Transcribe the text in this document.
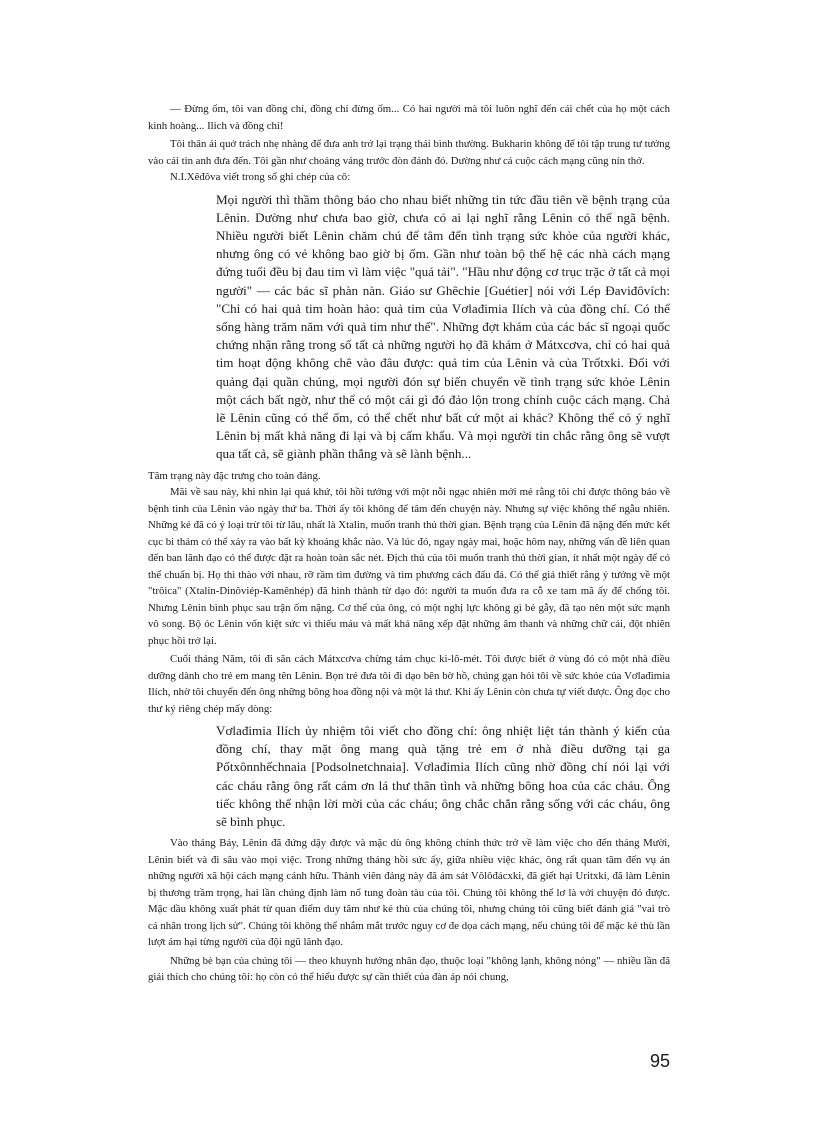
— Đừng ốm, tôi van đồng chí, đồng chí đừng ốm... Có hai người mà tôi luôn nghĩ đến cái chết của họ một cách kinh hoàng... Ilích và đồng chí!

Tôi thân ái quở trách nhẹ nhàng để đưa anh trở lại trạng thái bình thường. Bukharin không để tôi tập trung tư tưởng vào cái tin anh đưa đến. Tôi gần như choáng váng trước đòn đánh đó. Dường như cả cuộc cách mạng cũng nín thở.

N.I.Xêđôva viết trong sổ ghi chép của cô:

Mọi người thì thầm thông báo cho nhau biết những tin tức đầu tiên về bệnh trạng của Lênin. Dường như chưa bao giờ, chưa có ai lại nghĩ rằng Lênin có thể ngã bệnh. Nhiều người biết Lênin chăm chú để tâm đến tình trạng sức khỏe của người khác, nhưng ông có vẻ không bao giờ bị ốm. Gần như toàn bộ thế hệ các nhà cách mạng đứng tuổi đều bị đau tim vì làm việc "quá tải". "Hầu như động cơ trục trặc ở tất cả mọi người" — các bác sĩ phàn nàn. Giáo sư Ghêchie [Guétier] nói với Lép Đaviđôvích: "Chỉ có hai quả tim hoàn hảo: quả tim của Vơlađimia Ilích và của đồng chí. Có thể sống hàng trăm năm với quả tim như thế". Những đợt khám của các bác sĩ ngoại quốc chứng nhận rằng trong số tất cả những người họ đã khám ở Mátxcơva, chỉ có hai quả tim hoạt động không chê vào đâu được: quả tim của Lênin và của Trốtxki. Đối với quảng đại quần chúng, mọi người đón sự biến chuyển về tình trạng sức khỏe Lênin một cách bất ngờ, như thể có một cái gì đó đảo lộn trong chính cuộc cách mạng. Chả lẽ Lênin cũng có thể ốm, có thể chết như bất cứ một ai khác? Không thể có ý nghĩ Lênin bị mất khả năng đi lại và bị cấm khẩu. Và mọi người tin chắc rằng ông sẽ vượt qua tất cả, sẽ giành phần thắng và sẽ lành bệnh...

Tâm trạng này đặc trưng cho toàn đảng.

Mãi về sau này, khi nhìn lại quá khứ, tôi hồi tưởng với một nỗi ngạc nhiên mới mẻ rằng tôi chỉ được thông báo về bệnh tình của Lênin vào ngày thứ ba. Thời ấy tôi không để tâm đến chuyện này. Nhưng sự việc không thể ngẫu nhiên. Những kẻ đã có ý loại trừ tôi từ lâu, nhất là Xtalin, muốn tranh thủ thời gian. Bệnh trạng của Lênin đã nặng đến mức kết cục bi thảm có thể xảy ra vào bất kỳ khoảng khắc nào. Và lúc đó, ngay ngày mai, hoặc hôm nay, những vấn đề liên quan đến ban lãnh đạo có thể được đặt ra hoàn toàn sắc nét. Địch thủ của tôi muốn tranh thủ thời gian, ít nhất một ngày để có thể chuẩn bị. Họ thì thào với nhau, rỡ rầm tìm đường và tìm phương cách đấu đá. Có thể giả thiết rằng ý tưởng về một "trôica" (Xtalin-Dinôviép-Kamênhép) đã hình thành từ dạo đó: người ta muốn đưa ra cỗ xe tam mã ấy để chống tôi. Nhưng Lênin bình phục sau trận ốm nặng. Cơ thể của ông, có một nghị lực không gì bẻ gẫy, đã tạo nên một sức mạnh vô song. Bộ óc Lênin vốn kiệt sức vì thiếu máu và mất khả năng xếp đặt những âm thanh và những chữ cái, đột nhiên phục hồi trở lại.

Cuối tháng Năm, tôi đi săn cách Mátxcơva chừng tám chục ki-lô-mét. Tôi được biết ở vùng đó có một nhà điều dưỡng dành cho trẻ em mang tên Lênin. Bọn trẻ đưa tôi đi dạo bên bờ hồ, chúng gạn hỏi tôi về sức khỏe của Vơlađimia Ilích, nhờ tôi chuyển đến ông những bông hoa đồng nội và một lá thư. Khi ấy Lênin còn chưa tự viết được. Ông đọc cho thư ký riêng chép mấy dòng:

Vơlađimia Ilích ủy nhiệm tôi viết cho đồng chí: ông nhiệt liệt tán thành ý kiến của đồng chí, thay mặt ông mang quà tặng trẻ em ở nhà điều dưỡng tại ga Pốtxônnhếchnaia [Podsolnetchnaia]. Vơlađimia Ilích cũng nhờ đồng chí nói lại với các cháu rằng ông rất cám ơn lá thư thân tình và những bông hoa của các cháu. Ông tiếc không thể nhận lời mời của các cháu; ông chắc chắn rằng sống với các cháu, ông sẽ bình phục.

Vào tháng Bảy, Lênin đã đứng dậy được và mặc dù ông không chính thức trở về làm việc cho đến tháng Mười, Lênin biết và đi sâu vào mọi việc. Trong những tháng hồi sức ấy, giữa nhiều việc khác, ông rất quan tâm đến vụ án những người xã hội cách mạng cánh hữu. Thành viên đảng này đã ám sát Vôlôđácxki, đã giết hại Uritxki, đã làm Lênin bị thương trầm trọng, hai lần chúng định làm nổ tung đoàn tàu của tôi. Chúng tôi không thể lơ là với chuyện đó được. Mặc dầu không xuất phát từ quan điểm duy tâm như kẻ thù của chúng tôi, nhưng chúng tôi cũng biết đánh giá "vai trò cá nhân trong lịch sử". Chúng tôi không thể nhắm mắt trước nguy cơ đe dọa cách mạng, nếu chúng tôi để mặc kẻ thù lần lượt ám hại từng người của đội ngũ lãnh đạo.

Những bè bạn của chúng tôi — theo khuynh hướng nhân đạo, thuộc loại "không lạnh, không nóng" — nhiều lần đã giải thích cho chúng tôi: họ còn có thể hiểu được sự cần thiết của đàn áp nói chung,

95
